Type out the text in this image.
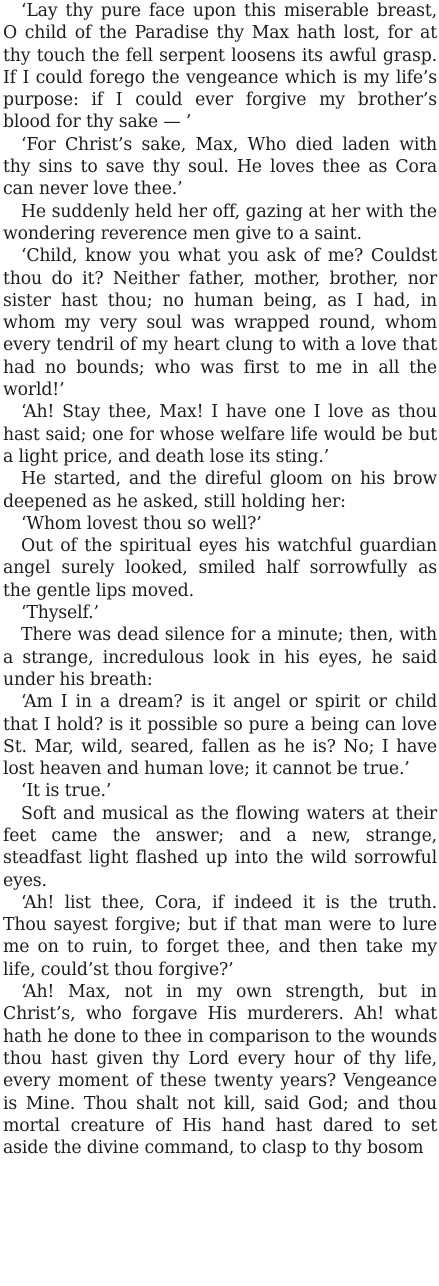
‘Lay thy pure face upon this miserable breast, O child of the Paradise thy Max hath lost, for at thy touch the fell serpent loosens its awful grasp. If I could forego the vengeance which is my life’s purpose: if I could ever forgive my brother’s blood for thy sake — ’

‘For Christ’s sake, Max, Who died laden with thy sins to save thy soul. He loves thee as Cora can never love thee.’

He suddenly held her off, gazing at her with the wondering reverence men give to a saint.

‘Child, know you what you ask of me? Couldst thou do it? Neither father, mother, brother, nor sister hast thou; no human being, as I had, in whom my very soul was wrapped round, whom every tendril of my heart clung to with a love that had no bounds; who was first to me in all the world!’

‘Ah! Stay thee, Max! I have one I love as thou hast said; one for whose welfare life would be but a light price, and death lose its sting.’

He started, and the direful gloom on his brow deepened as he asked, still holding her:

‘Whom lovest thou so well?’

Out of the spiritual eyes his watchful guardian angel surely looked, smiled half sorrowfully as the gentle lips moved.

‘Thyself.’

There was dead silence for a minute; then, with a strange, incredulous look in his eyes, he said under his breath:

‘Am I in a dream? is it angel or spirit or child that I hold? is it possible so pure a being can love St. Mar, wild, seared, fallen as he is? No; I have lost heaven and human love; it cannot be true.’

‘It is true.’

Soft and musical as the flowing waters at their feet came the answer; and a new, strange, steadfast light flashed up into the wild sorrowful eyes.

‘Ah! list thee, Cora, if indeed it is the truth. Thou sayest forgive; but if that man were to lure me on to ruin, to forget thee, and then take my life, could’st thou forgive?’

‘Ah! Max, not in my own strength, but in Christ’s, who forgave His murderers. Ah! what hath he done to thee in comparison to the wounds thou hast given thy Lord every hour of thy life, every moment of these twenty years? Vengeance is Mine. Thou shalt not kill, said God; and thou mortal creature of His hand hast dared to set aside the divine command, to clasp to thy bosom
